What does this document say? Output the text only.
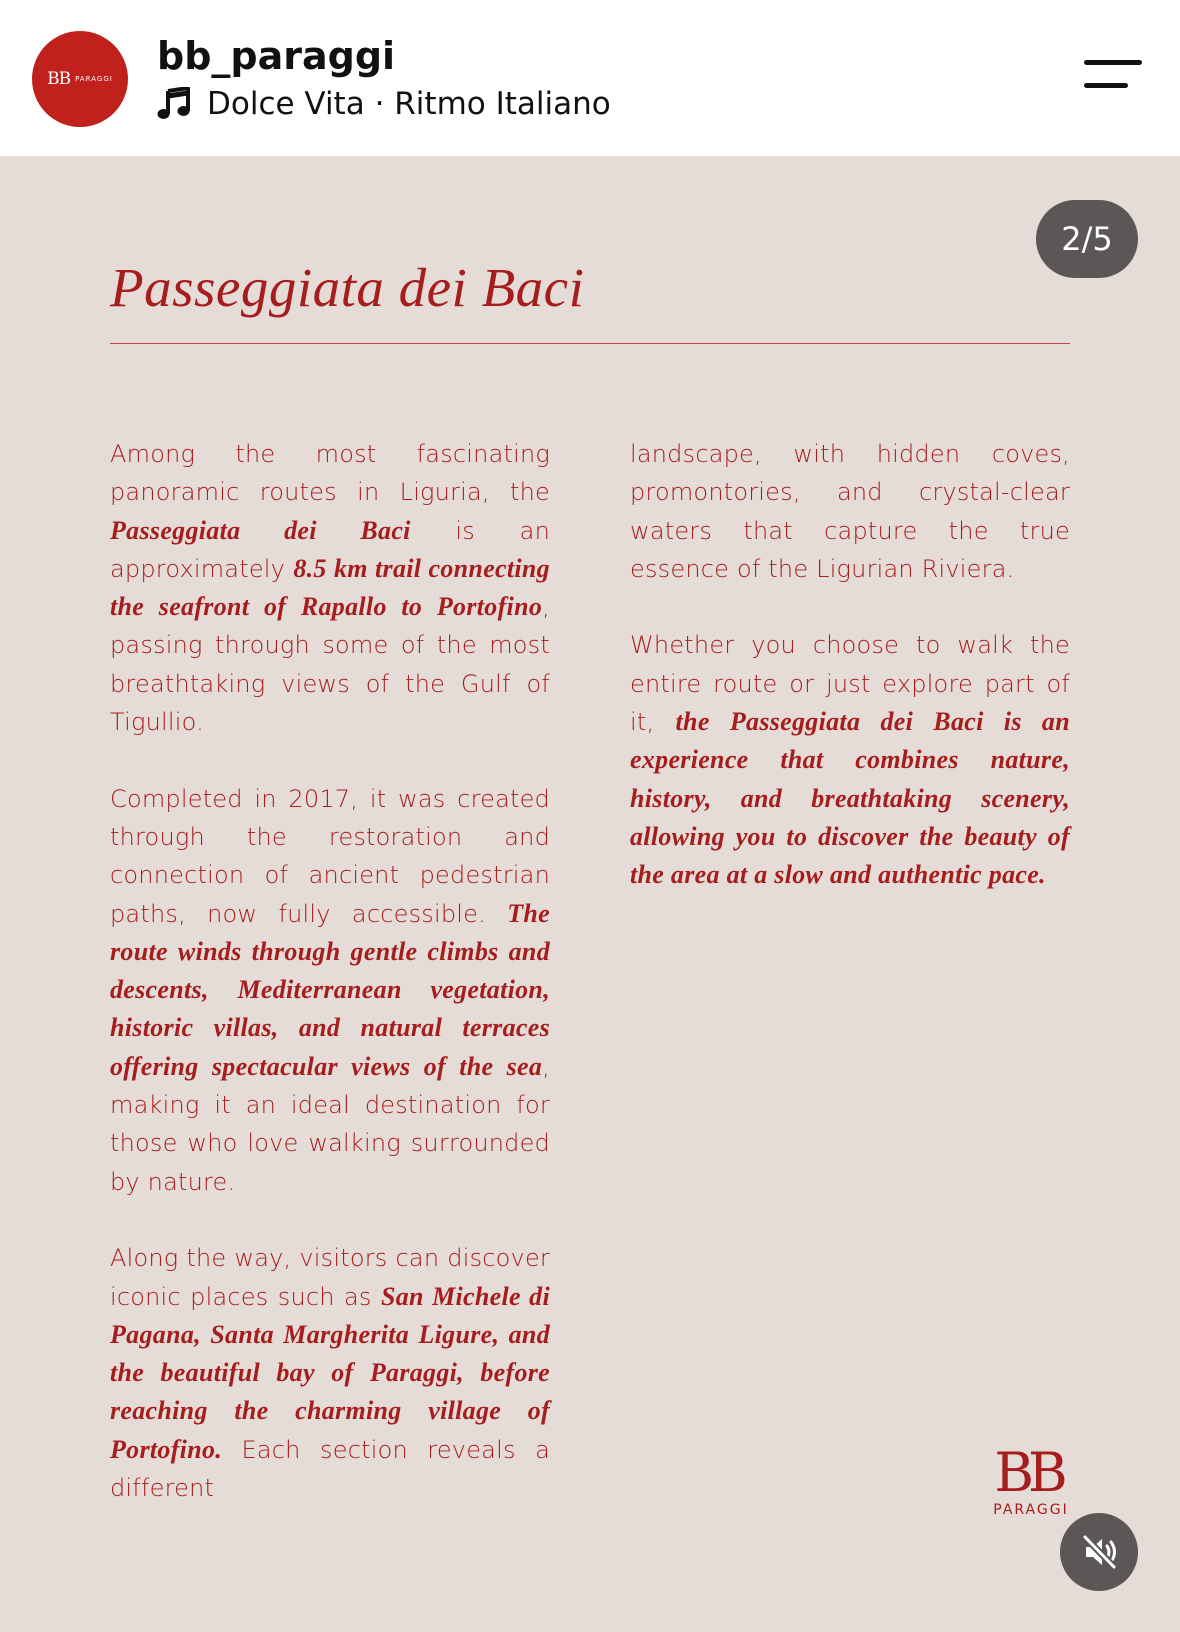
BB PARAGGI
bb_paraggi
Dolce Vita · Ritmo Italiano
2/5
Passeggiata dei Baci

Among the most fascinating panoramic routes in Liguria, the Passeggiata dei Baci is an approximately 8.5 km trail connecting the seafront of Rapallo to Portofino, passing through some of the most breathtaking views of the Gulf of Tigullio.

Completed in 2017, it was created through the restoration and connection of ancient pedestrian paths, now fully accessible. The route winds through gentle climbs and descents, Mediterranean vegetation, historic villas, and natural terraces offering spectacular views of the sea, making it an ideal destination for those who love walking surrounded by nature.

Along the way, visitors can discover iconic places such as San Michele di Pagana, Santa Margherita Ligure, and the beautiful bay of Paraggi, before reaching the charming village of Portofino. Each section reveals a different

landscape, with hidden coves, promontories, and crystal-clear waters that capture the true essence of the Ligurian Riviera.

Whether you choose to walk the entire route or just explore part of it, the Passeggiata dei Baci is an experience that combines nature, history, and breathtaking scenery, allowing you to discover the beauty of the area at a slow and authentic pace.

BB
PARAGGI
